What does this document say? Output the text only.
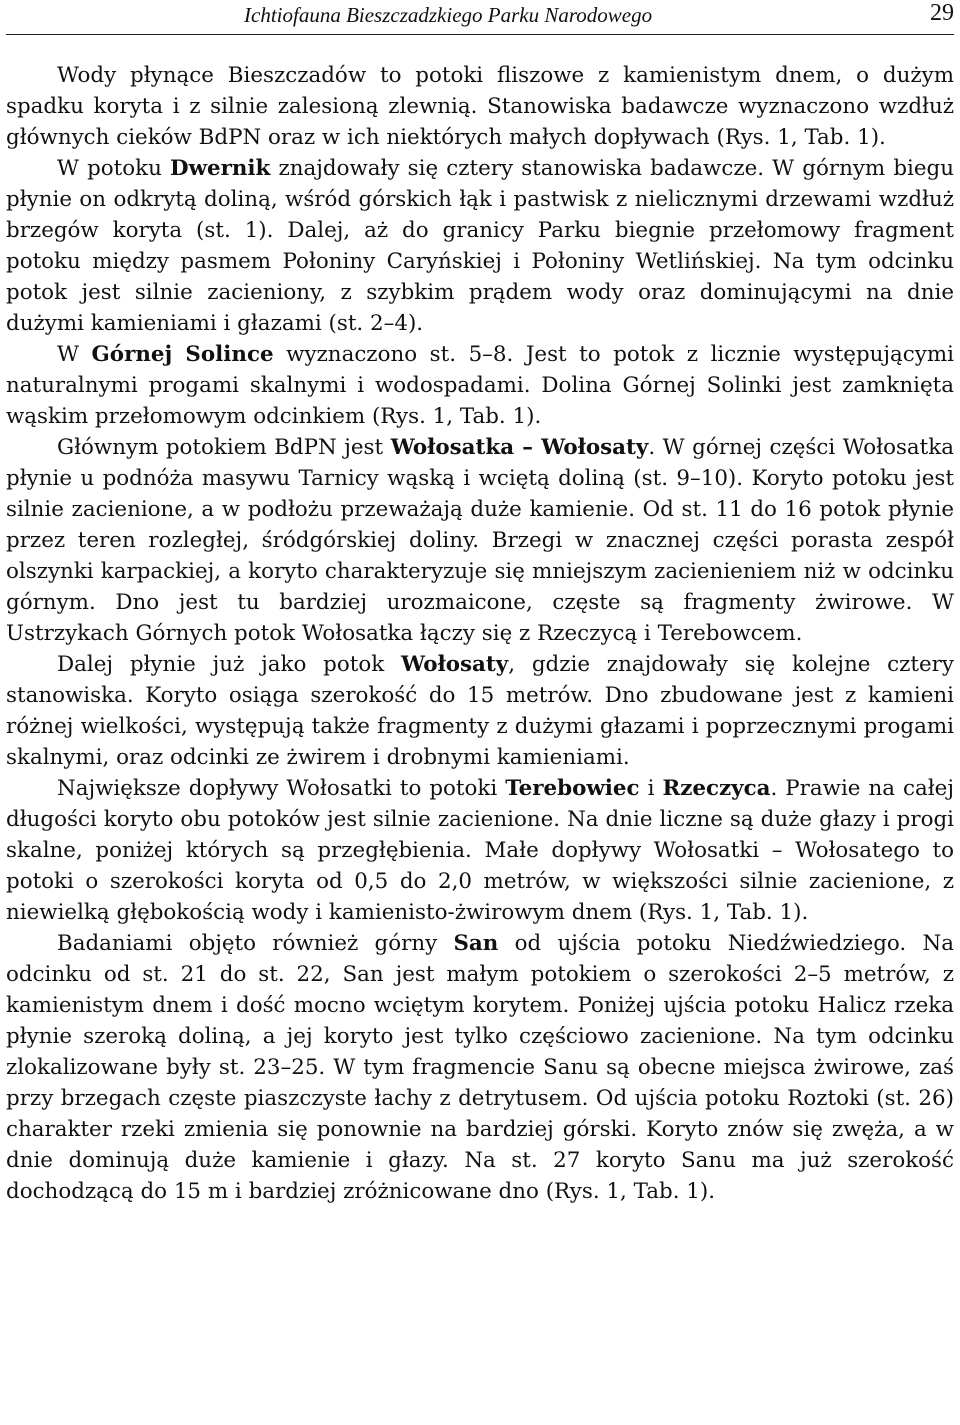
Ichtiofauna Bieszczadzkiego Parku Narodowego	29

Wody płynące Bieszczadów to potoki fliszowe z kamienistym dnem, o dużym spadku koryta i z silnie zalesioną zlewnią. Stanowiska badawcze wyznaczono wzdłuż głównych cieków BdPN oraz w ich niektórych małych dopływach (Rys. 1, Tab. 1).

W potoku Dwernik znajdowały się cztery stanowiska badawcze. W górnym biegu płynie on odkrytą doliną, wśród górskich łąk i pastwisk z nielicznymi drzewami wzdłuż brzegów koryta (st. 1). Dalej, aż do granicy Parku biegnie przełomowy fragment potoku między pasmem Połoniny Caryńskiej i Połoniny Wetlińskiej. Na tym odcinku potok jest silnie zacieniony, z szybkim prądem wody oraz dominującymi na dnie dużymi kamieniami i głazami (st. 2–4).

W Górnej Solince wyznaczono st. 5–8. Jest to potok z licznie występującymi naturalnymi progami skalnymi i wodospadami. Dolina Górnej Solinki jest zamknięta wąskim przełomowym odcinkiem (Rys. 1, Tab. 1).

Głównym potokiem BdPN jest Wołosatka – Wołosaty. W górnej części Wołosatka płynie u podnóża masywu Tarnicy wąską i wciętą doliną (st. 9–10). Koryto potoku jest silnie zacienione, a w podłożu przeważają duże kamienie. Od st. 11 do 16 potok płynie przez teren rozległej, śródgórskiej doliny. Brzegi w znacznej części porasta zespół olszynki karpackiej, a koryto charakteryzuje się mniejszym zacienieniem niż w odcinku górnym. Dno jest tu bardziej urozmaicone, częste są fragmenty żwirowe. W Ustrzykach Górnych potok Wołosatka łączy się z Rzeczycą i Terebowcem.

Dalej płynie już jako potok Wołosaty, gdzie znajdowały się kolejne cztery stanowiska. Koryto osiąga szerokość do 15 metrów. Dno zbudowane jest z kamieni różnej wielkości, występują także fragmenty z dużymi głazami i poprzecznymi progami skalnymi, oraz odcinki ze żwirem i drobnymi kamieniami.

Największe dopływy Wołosatki to potoki Terebowiec i Rzeczyca. Prawie na całej długości koryto obu potoków jest silnie zacienione. Na dnie liczne są duże głazy i progi skalne, poniżej których są przegłębienia. Małe dopływy Wołosatki – Wołosatego to potoki o szerokości koryta od 0,5 do 2,0 metrów, w większości silnie zacienione, z niewielką głębokością wody i kamienisto-żwirowym dnem (Rys. 1, Tab. 1).

Badaniami objęto również górny San od ujścia potoku Niedźwiedziego. Na odcinku od st. 21 do st. 22, San jest małym potokiem o szerokości 2–5 metrów, z kamienistym dnem i dość mocno wciętym korytem. Poniżej ujścia potoku Halicz rzeka płynie szeroką doliną, a jej koryto jest tylko częściowo zacienione. Na tym odcinku zlokalizowane były st. 23–25. W tym fragmencie Sanu są obecne miejsca żwirowe, zaś przy brzegach częste piaszczyste łachy z detrytusem. Od ujścia potoku Roztoki (st. 26) charakter rzeki zmienia się ponownie na bardziej górski. Koryto znów się zwęża, a w dnie dominują duże kamienie i głazy. Na st. 27 koryto Sanu ma już szerokość dochodzącą do 15 m i bardziej zróżnicowane dno (Rys. 1, Tab. 1).
